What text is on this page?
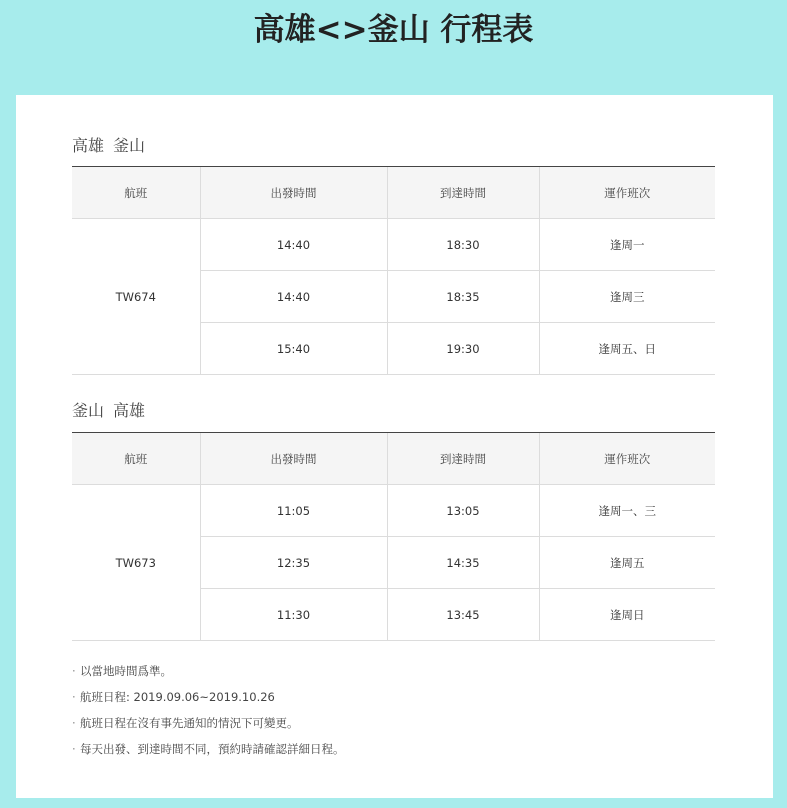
高雄<>釜山 行程表
高雄 釜山
航班	出發時間	到達時間	運作班次
TW674	14:40	18:30	逢周一
	14:40	18:35	逢周三
	15:40	19:30	逢周五、日
釜山 高雄
航班	出發時間	到達時間	運作班次
TW673	11:05	13:05	逢周一、三
	12:35	14:35	逢周五
	11:30	13:45	逢周日
· 以當地時間爲準。
· 航班日程: 2019.09.06~2019.10.26
· 航班日程在沒有事先通知的情況下可變更。
· 每天出發、到達時間不同，預約時請確認詳細日程。
